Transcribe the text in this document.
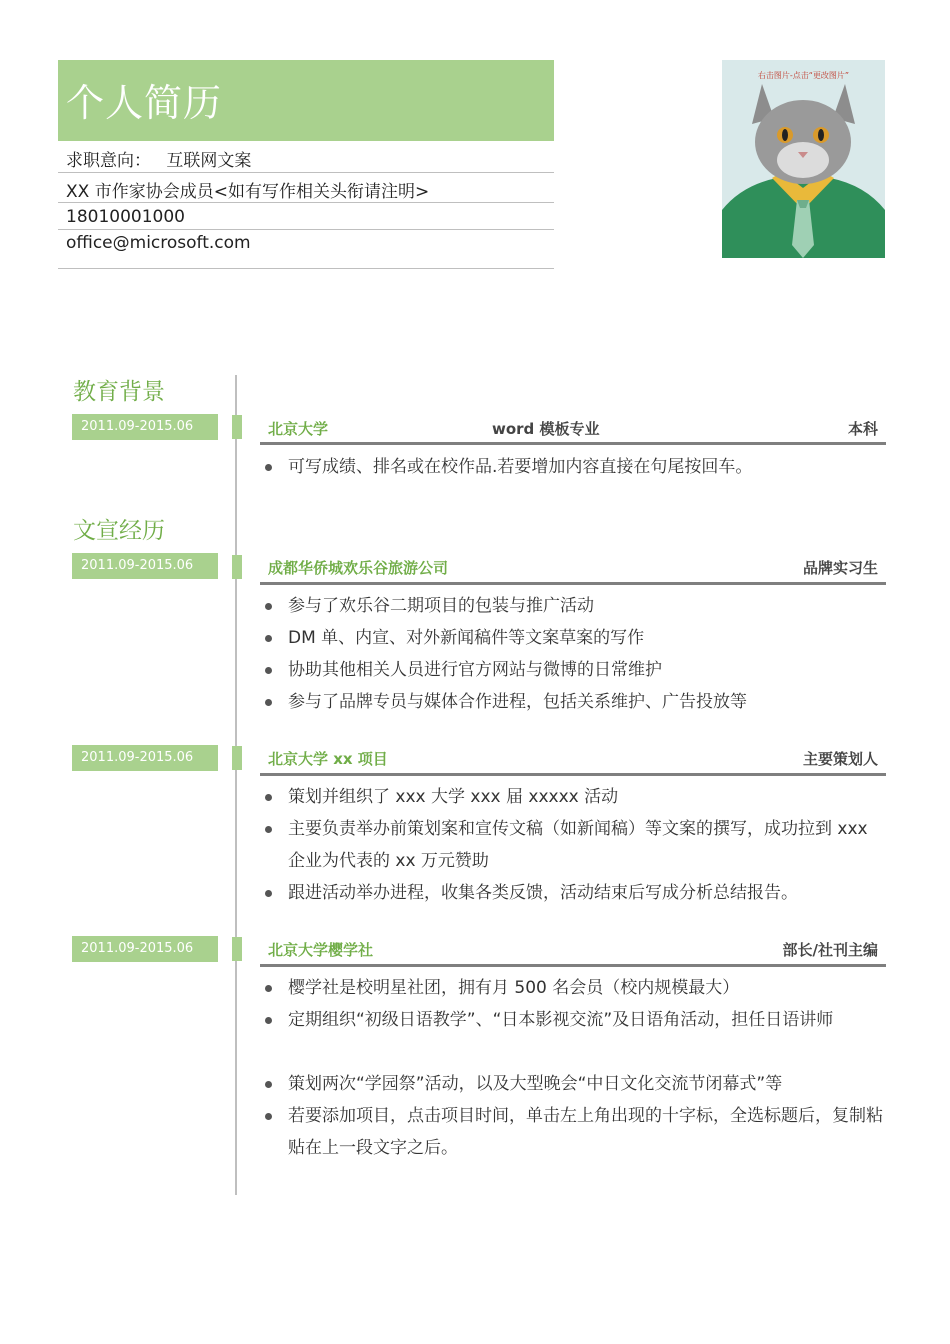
个人简历
求职意向： 互联网文案
XX 市作家协会成员<如有写作相关头衔请注明>
18010001000
office@microsoft.com
右击图片-点击“更改图片”
教育背景
2011.09-2015.06	北京大学	word 模板专业	本科
可写成绩、排名或在校作品.若要增加内容直接在句尾按回车。
文宣经历
2011.09-2015.06	成都华侨城欢乐谷旅游公司	品牌实习生
参与了欢乐谷二期项目的包装与推广活动
DM 单、内宣、对外新闻稿件等文案草案的写作
协助其他相关人员进行官方网站与微博的日常维护
参与了品牌专员与媒体合作进程，包括关系维护、广告投放等
2011.09-2015.06	北京大学 xx 项目	主要策划人
策划并组织了 xxx 大学 xxx 届 xxxxx 活动
主要负责举办前策划案和宣传文稿（如新闻稿）等文案的撰写，成功拉到 xxx 企业为代表的 xx 万元赞助
跟进活动举办进程，收集各类反馈，活动结束后写成分析总结报告。
2011.09-2015.06	北京大学樱学社	部长/社刊主编
樱学社是校明星社团，拥有月 500 名会员（校内规模最大）
定期组织“初级日语教学”、“日本影视交流”及日语角活动，担任日语讲师
策划两次“学园祭”活动，以及大型晚会“中日文化交流节闭幕式”等
若要添加项目，点击项目时间，单击左上角出现的十字标，全选标题后，复制粘贴在上一段文字之后。
